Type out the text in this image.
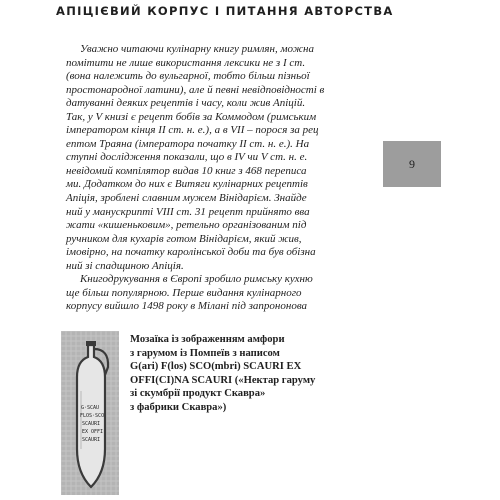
АПІЦІЄВИЙ КОРПУС І ПИТАННЯ АВТОРСТВА
Уважно читаючи кулінарну книгу римлян, можна
помітити не лише використання лексики не з I ст.
(вона належить до вульгарної, тобто більш пізньої
простонародної латини), але й певні невідповідності в
датуванні деяких рецептів і часу, коли жив Апіцій.
Так, у V книзі є рецепт бобів за Коммодом (римським
імператором кінця II ст. н. е.), а в VII – порося за рец
ептом Траяна (імператора початку II ст. н. е.). На
ступні дослідження показали, що в IV чи V ст. н. е.
невідомий компілятор видав 10 книг з 468 переписа
ми. Додатком до них є Витяги кулінарних рецептів
Апіція, зроблені славним мужем Вінідарієм. Знайде
ний у манускрипті VIII ст. 31 рецепт прийнято вва
жати «кишеньковим», ретельно організованим під
ручником для кухарів готом Вінідарієм, який жив,
імовірно, на початку каролінської доби та був обізна
ний зі спадщиною Апіція.
Книгодрукування в Європі зробило римську кухню
ще більш популярною. Перше видання кулінарного
корпусу вийшло 1498 року в Мілані під запрононова
9
G·SCAU
FLOS·SCO
SCAURI
EX OFFI
SCAURI
Мозаїка із зображенням амфори
з гарумом із Помпеїв з написом
G(ari) F(los) SCO(mbri) SCAURI EX
OFFI(CI)NA SCAURI («Нектар гаруму
зі скумбрії продукт Скавра»
з фабрики Скавра»)
